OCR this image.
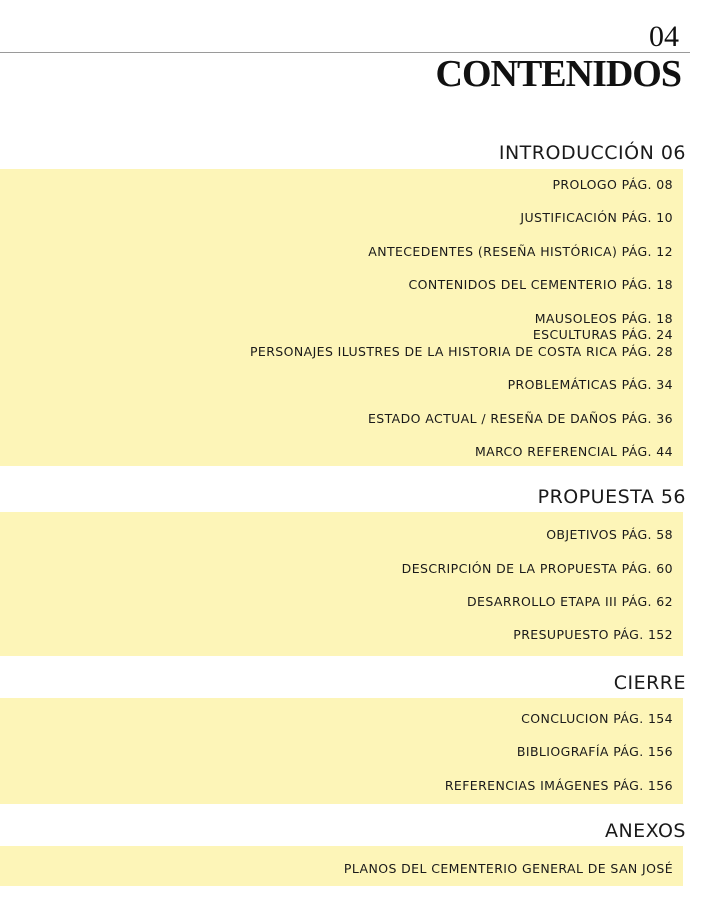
04
CONTENIDOS
INTRODUCCIÓN 06
PROLOGO PÁG. 08
JUSTIFICACIÓN PÁG. 10
ANTECEDENTES (RESEÑA HISTÓRICA) PÁG. 12
CONTENIDOS DEL CEMENTERIO PÁG. 18
MAUSOLEOS PÁG. 18
ESCULTURAS PÁG. 24
PERSONAJES ILUSTRES DE LA HISTORIA DE COSTA RICA PÁG. 28
PROBLEMÁTICAS PÁG. 34
ESTADO ACTUAL / RESEÑA DE DAÑOS PÁG. 36
MARCO REFERENCIAL PÁG. 44
PROPUESTA 56
OBJETIVOS PÁG. 58
DESCRIPCIÓN DE LA PROPUESTA PÁG. 60
DESARROLLO ETAPA III PÁG. 62
PRESUPUESTO PÁG. 152
CIERRE
CONCLUCION PÁG. 154
BIBLIOGRAFÍA PÁG. 156
REFERENCIAS IMÁGENES PÁG. 156
ANEXOS
PLANOS DEL CEMENTERIO GENERAL DE SAN JOSÉ
